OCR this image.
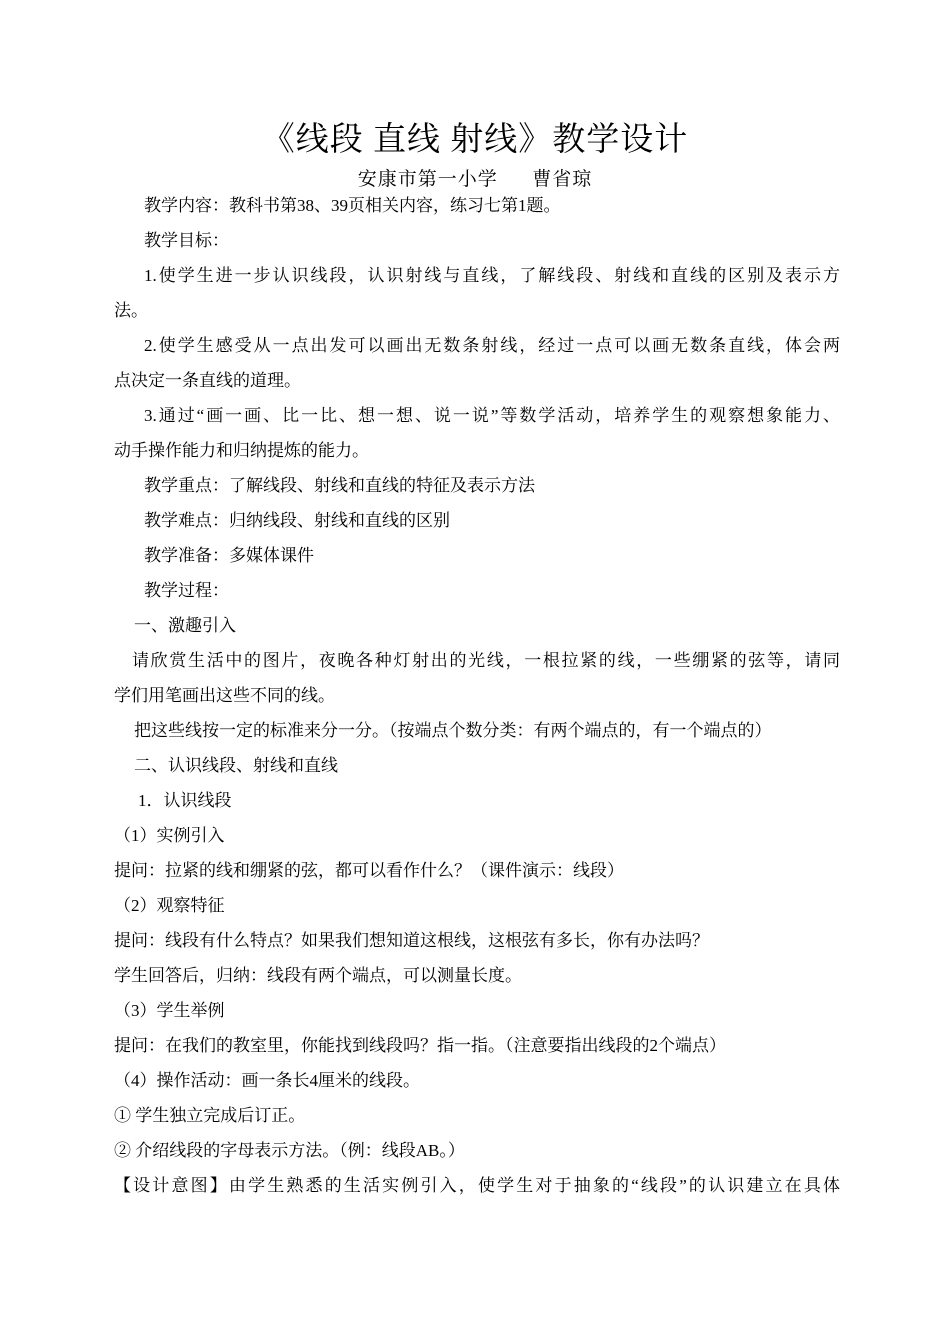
《线段 直线 射线》教学设计
安康市第一小学      曹省琼
教学内容：教科书第38、39页相关内容，练习七第1题。
教学目标：
1.使学生进一步认识线段，认识射线与直线，了解线段、射线和直线的区别及表示方
法。
2.使学生感受从一点出发可以画出无数条射线，经过一点可以画无数条直线，体会两
点决定一条直线的道理。
3.通过“画一画、比一比、想一想、说一说”等数学活动，培养学生的观察想象能力、
动手操作能力和归纳提炼的能力。
教学重点：了解线段、射线和直线的特征及表示方法
教学难点：归纳线段、射线和直线的区别
教学准备：多媒体课件
教学过程：
一、激趣引入
请欣赏生活中的图片，夜晚各种灯射出的光线，一根拉紧的线，一些绷紧的弦等，请同
学们用笔画出这些不同的线。
把这些线按一定的标准来分一分。（按端点个数分类：有两个端点的，有一个端点的）
二、认识线段、射线和直线
1．认识线段
（1）实例引入
提问：拉紧的线和绷紧的弦，都可以看作什么？（课件演示：线段）
（2）观察特征
提问：线段有什么特点？如果我们想知道这根线，这根弦有多长，你有办法吗？
学生回答后，归纳：线段有两个端点，可以测量长度。
（3）学生举例
提问：在我们的教室里，你能找到线段吗？指一指。（注意要指出线段的2个端点）
（4）操作活动：画一条长4厘米的线段。
① 学生独立完成后订正。
② 介绍线段的字母表示方法。（例：线段AB。）
【设计意图】由学生熟悉的生活实例引入，使学生对于抽象的“线段”的认识建立在具体
